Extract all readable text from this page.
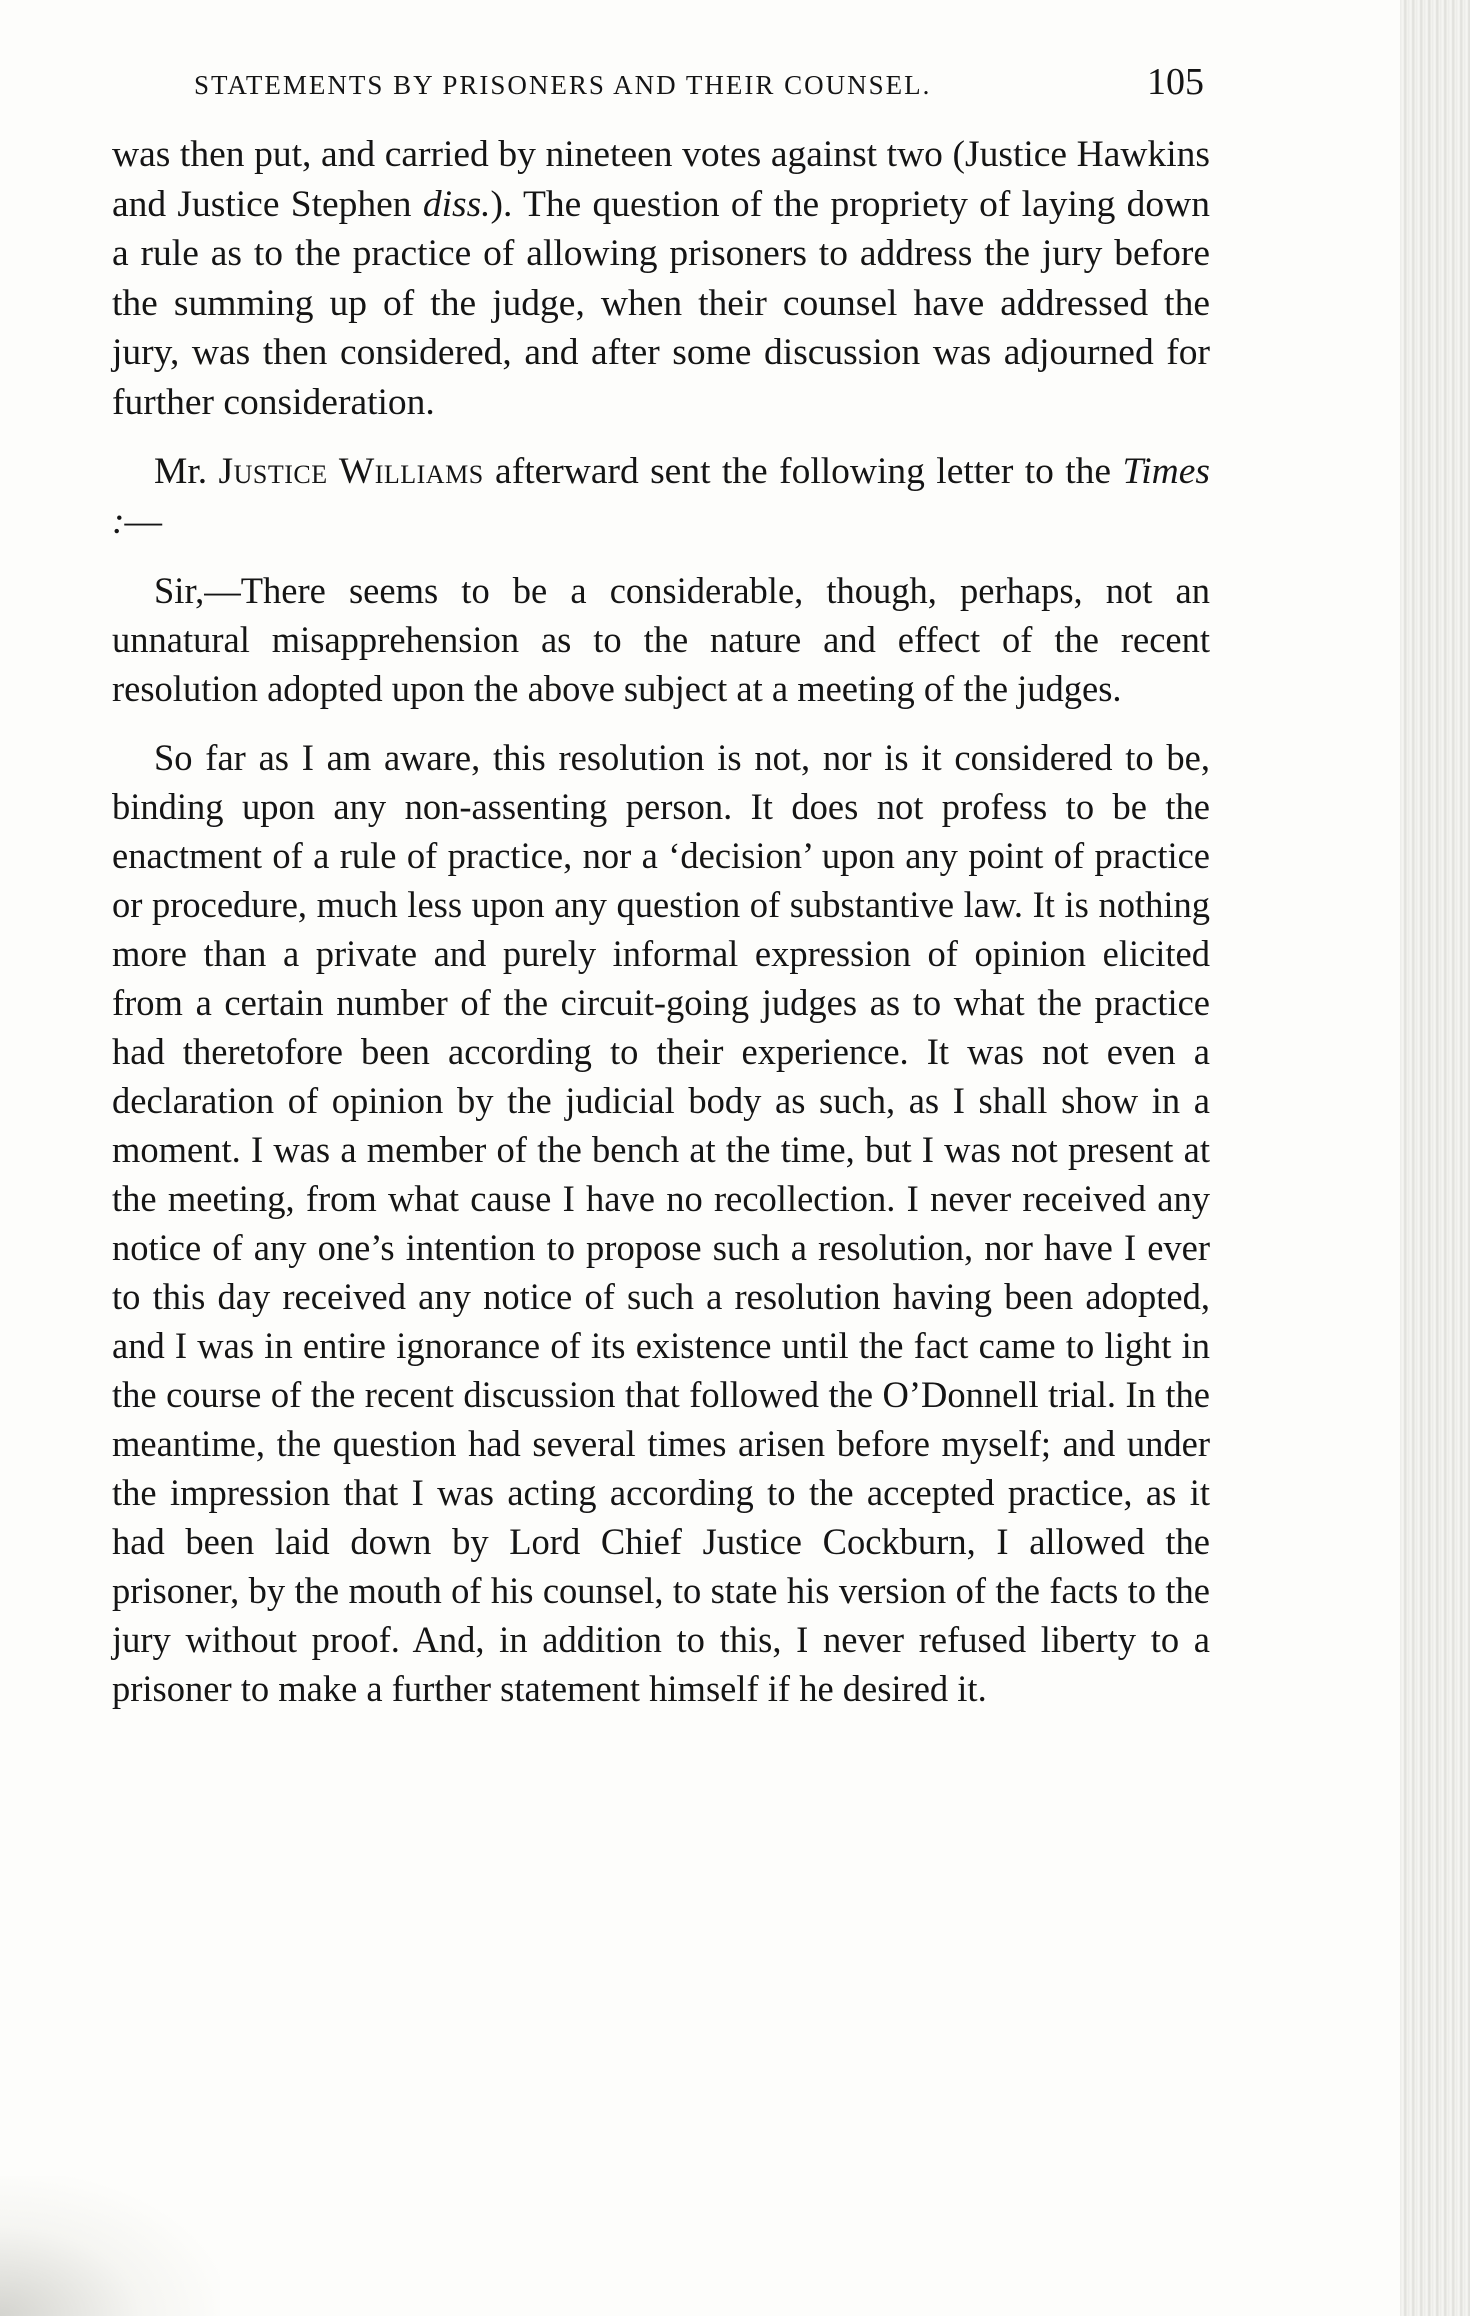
STATEMENTS BY PRISONERS AND THEIR COUNSEL.	105

was then put, and carried by nineteen votes against two (Justice Hawkins and Justice Stephen diss.). The question of the propriety of laying down a rule as to the practice of allowing prisoners to address the jury before the summing up of the judge, when their counsel have addressed the jury, was then considered, and after some discussion was adjourned for further consideration.

Mr. Justice Williams afterward sent the following letter to the Times :—

Sir,—There seems to be a considerable, though, perhaps, not an unnatural misapprehension as to the nature and effect of the recent resolution adopted upon the above subject at a meeting of the judges.

So far as I am aware, this resolution is not, nor is it considered to be, binding upon any non-assenting person. It does not profess to be the enactment of a rule of practice, nor a ‘decision’ upon any point of practice or procedure, much less upon any question of substantive law. It is nothing more than a private and purely informal expression of opinion elicited from a certain number of the circuit-going judges as to what the practice had theretofore been according to their experience. It was not even a declaration of opinion by the judicial body as such, as I shall show in a moment. I was a member of the bench at the time, but I was not present at the meeting, from what cause I have no recollection. I never received any notice of any one’s intention to propose such a resolution, nor have I ever to this day received any notice of such a resolution having been adopted, and I was in entire ignorance of its existence until the fact came to light in the course of the recent discussion that followed the O’Donnell trial. In the meantime, the question had several times arisen before myself; and under the impression that I was acting according to the accepted practice, as it had been laid down by Lord Chief Justice Cockburn, I allowed the prisoner, by the mouth of his counsel, to state his version of the facts to the jury without proof. And, in addition to this, I never refused liberty to a prisoner to make a further statement himself if he desired it.
